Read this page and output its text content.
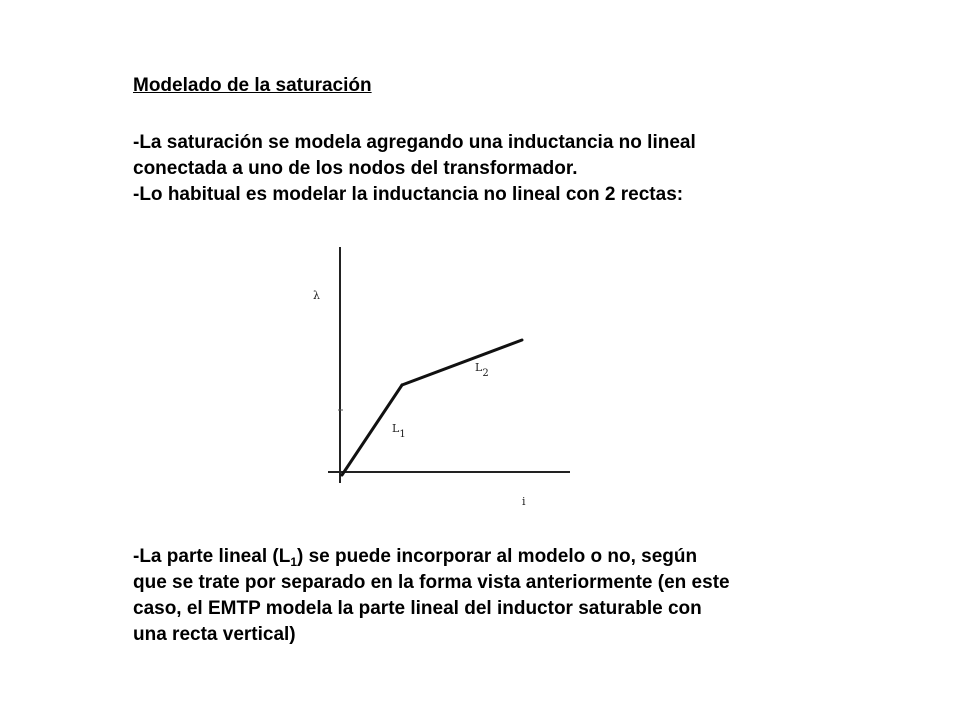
Modelado de la saturación
-La saturación se modela agregando una inductancia no lineal
conectada a uno de los nodos del transformador.
-Lo habitual es modelar la inductancia no lineal con 2 rectas:
λ
i
L1
L2
-La parte lineal $(L_1)$ se puede incorporar al modelo o no, según
que se trate por separado en la forma vista anteriormente (en este
caso, el EMTP modela la parte lineal del inductor saturable con
una recta vertical)
